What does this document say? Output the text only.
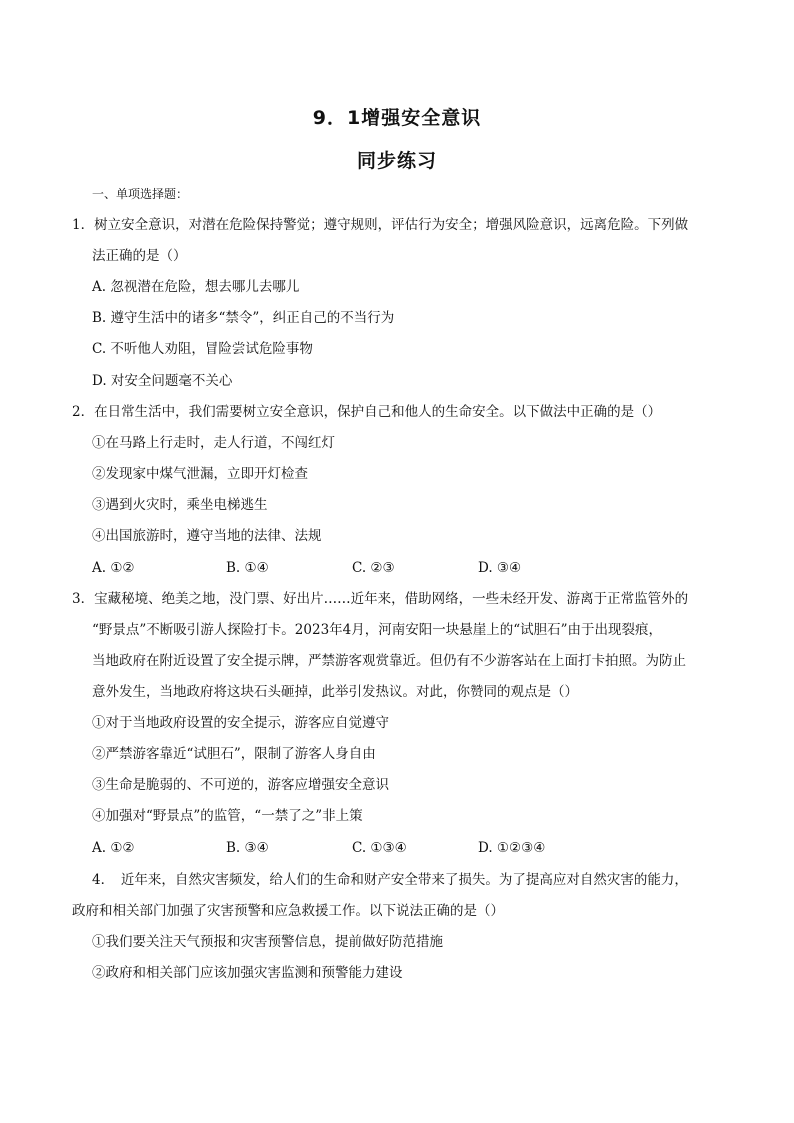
9．1增强安全意识
同步练习
一、单项选择题：
1．树立安全意识，对潜在危险保持警觉；遵守规则，评估行为安全；增强风险意识，远离危险。下列做
法正确的是（）
A. 忽视潜在危险，想去哪儿去哪儿
B. 遵守生活中的诸多“禁令”，纠正自己的不当行为
C. 不听他人劝阻，冒险尝试危险事物
D. 对安全问题毫不关心
2．在日常生活中，我们需要树立安全意识，保护自己和他人的生命安全。以下做法中正确的是（）
①在马路上行走时，走人行道，不闯红灯
②发现家中煤气泄漏，立即开灯检查
③遇到火灾时，乘坐电梯逃生
④出国旅游时，遵守当地的法律、法规
A. ①②	B. ①④	C. ②③	D. ③④
3．宝藏秘境、绝美之地，没门票、好出片……近年来，借助网络，一些未经开发、游离于正常监管外的
“野景点”不断吸引游人探险打卡。2023年4月，河南安阳一块悬崖上的“试胆石”由于出现裂痕，
当地政府在附近设置了安全提示牌，严禁游客观赏靠近。但仍有不少游客站在上面打卡拍照。为防止
意外发生，当地政府将这块石头砸掉，此举引发热议。对此，你赞同的观点是（）
①对于当地政府设置的安全提示，游客应自觉遵守
②严禁游客靠近“试胆石”，限制了游客人身自由
③生命是脆弱的、不可逆的，游客应增强安全意识
④加强对“野景点”的监管，“一禁了之”非上策
A. ①②	B. ③④	C. ①③④	D. ①②③④
4．　近年来，自然灾害频发，给人们的生命和财产安全带来了损失。为了提高应对自然灾害的能力，
政府和相关部门加强了灾害预警和应急救援工作。以下说法正确的是（）
①我们要关注天气预报和灾害预警信息，提前做好防范措施
②政府和相关部门应该加强灾害监测和预警能力建设
